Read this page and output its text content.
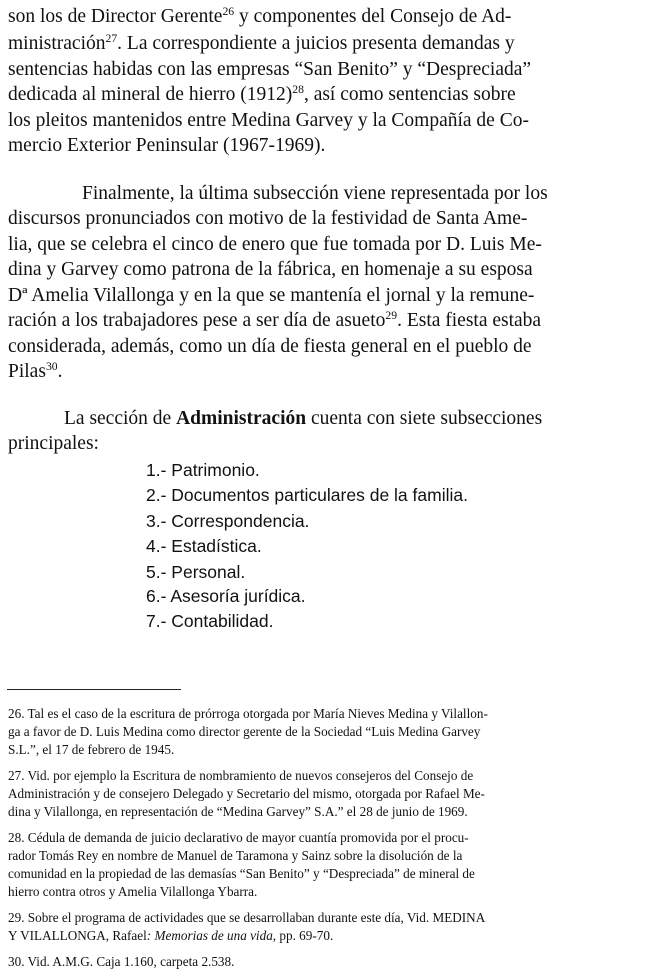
son los de Director Gerente$^{26}$ y componentes del Consejo de Ad-
ministración$^{27}$. La correspondiente a juicios presenta demandas y
sentencias habidas con las empresas “San Benito” y “Despreciada”
dedicada al mineral de hierro $(1912)^{28}$, así como sentencias sobre
los pleitos mantenidos entre Medina Garvey y la Compañía de Co-
mercio Exterior Peninsular (1967-1969).
Finalmente, la última subsección viene representada por los
discursos pronunciados con motivo de la festividad de Santa Ame-
lia, que se celebra el cinco de enero que fue tomada por D. Luis Me-
dina y Garvey como patrona de la fábrica, en homenaje a su esposa
Dª Amelia Vilallonga y en la que se mantenía el jornal y la remune-
ración a los trabajadores pese a ser día de asueto$^{29}$. Esta fiesta estaba
considerada, además, como un día de fiesta general en el pueblo de
Pilas$^{30}$.
La sección de Administración cuenta con siete subsecciones
principales:
1.- Patrimonio.
2.- Documentos particulares de la familia.
3.- Correspondencia.
4.- Estadística.
5.- Personal.
6.- Asesoría jurídica.
7.- Contabilidad.
26. Tal es el caso de la escritura de prórroga otorgada por María Nieves Medina y Vilallon-
ga a favor de D. Luis Medina como director gerente de la Sociedad “Luis Medina Garvey
S.L.”, el 17 de febrero de 1945.
27. Vid. por ejemplo la Escritura de nombramiento de nuevos consejeros del Consejo de
Administración y de consejero Delegado y Secretario del mismo, otorgada por Rafael Me-
dina y Vilallonga, en representación de “Medina Garvey” S.A.” el 28 de junio de 1969.
28. Cédula de demanda de juicio declarativo de mayor cuantía promovida por el procu-
rador Tomás Rey en nombre de Manuel de Taramona y Sainz sobre la disolución de la
comunidad en la propiedad de las demasías “San Benito” y “Despreciada” de mineral de
hierro contra otros y Amelia Vilallonga Ybarra.
29. Sobre el programa de actividades que se desarrollaban durante este día, Vid. MEDINA
Y VILALLONGA, Rafael: Memorias de una vida, pp. 69-70.
30. Vid. A.M.G. Caja 1.160, carpeta 2.538.
